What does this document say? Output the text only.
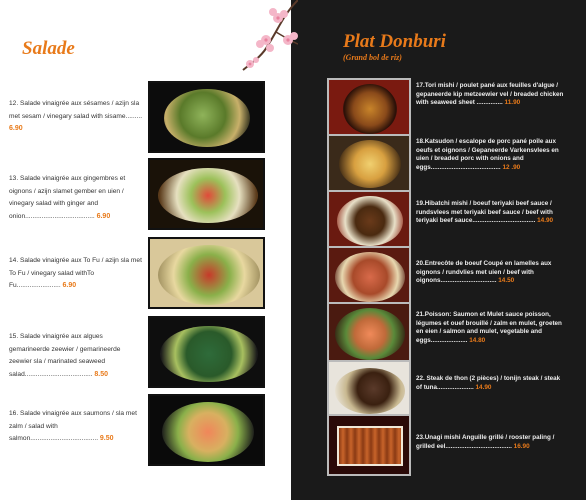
Salade	Plat Donburi
(Grand bol de riz)
12. Salade vinaigrée aux sésames / azijn sla met sesam / vinegary salad with sisame......... 6.90
13. Salade vinaigrée aux gingembres et oignons / azijn slamet gember en uien / vinegary salad with ginger and onion...................................... 6.90
14. Salade vinaigrée aux To Fu / azijn sla met To Fu / vinegary salad withTo Fu........................ 6.90
15. Salade vinaigrée aux algues gemarineerde zeewier / gemarineerde zeewier sla / marinated seaweed salad..................................... 8.50
16. Salade vinaigrée aux saumons / sla met zalm / salad with salmon..................................... 9.50
17.Tori mishi / poulet pané aux feuilles d'algue / gepaneerde kip metzeewier vel / breaded chicken with seaweed sheet ............... 11.90
18.Katsudon / escalope de porc pané poîle aux oeufs et oignons / Gepaneerde Varkensvlees en uien / breaded porc with onions and eggs........................................ 12 .90
19.Hibatchi mishi / boeuf teriyaki beef sauce / rundsvlees met teriyaki beef sauce / beef with teriyaki beef sauce.................................... 14.90
20.Entrecôte de boeuf Coupé en lamelles aux oignons / rundvlies met uien / beef with oignons................................ 14.50
21.Poisson: Saumon et Mulet sauce poisson, légumes et ouef brouillé / zalm en mulet, groeten en eien / salmon and mulet, vegetable and eggs..................... 14.80
22. Steak de thon (2 pièces) / tonijn steak / steak of tuna..................... 14.90
23.Unagi mishi Anguille grillé / rooster paling / grilled eel...................................... 16.90
